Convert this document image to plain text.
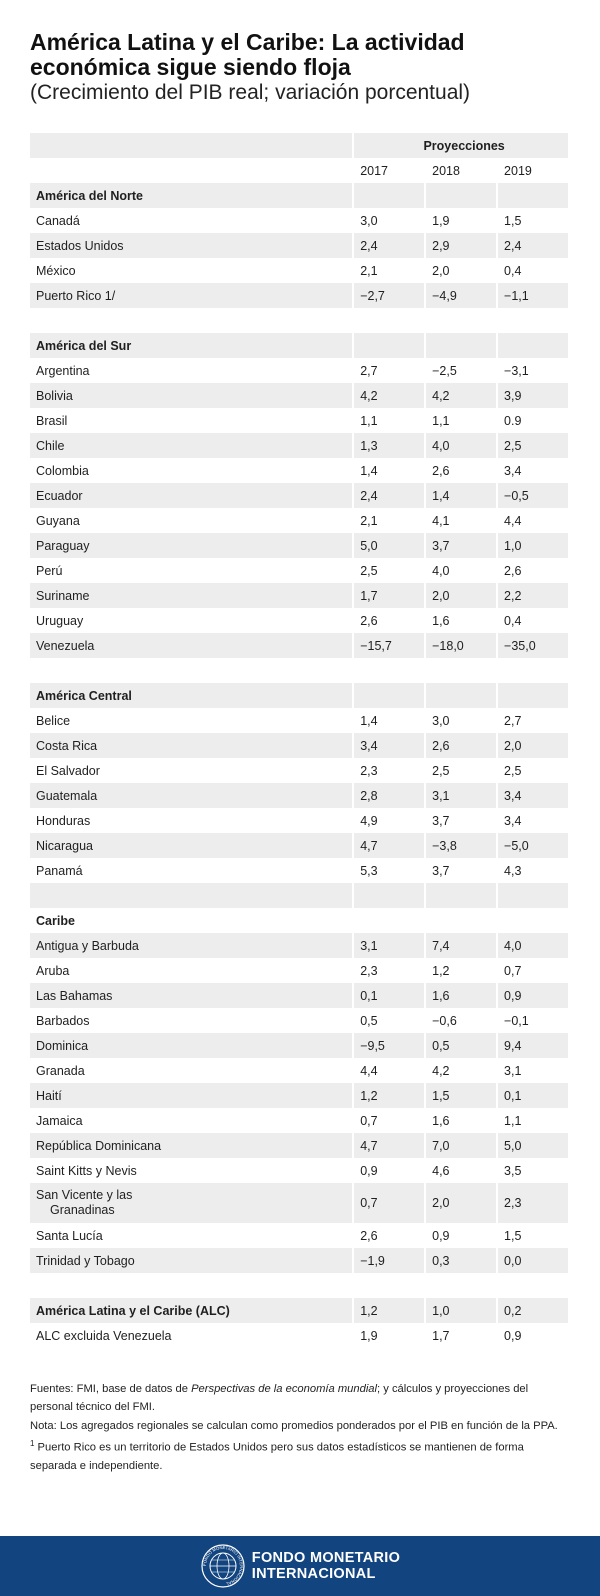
América Latina y el Caribe: La actividad

económica sigue siendo floja

(Crecimiento del PIB real; variación porcentual)

	Proyecciones		
	2017	2018	2019
América del Norte			
Canadá	3,0	1,9	1,5
Estados Unidos	2,4	2,9	2,4
México	2,1	2,0	0,4
Puerto Rico 1/	−2,7	−4,9	−1,1

América del Sur			
Argentina	2,7	−2,5	−3,1
Bolivia	4,2	4,2	3,9
Brasil	1,1	1,1	0.9
Chile	1,3	4,0	2,5
Colombia	1,4	2,6	3,4
Ecuador	2,4	1,4	−0,5
Guyana	2,1	4,1	4,4
Paraguay	5,0	3,7	1,0
Perú	2,5	4,0	2,6
Suriname	1,7	2,0	2,2
Uruguay	2,6	1,6	0,4
Venezuela	−15,7	−18,0	−35,0

América Central			
Belice	1,4	3,0	2,7
Costa Rica	3,4	2,6	2,0
El Salvador	2,3	2,5	2,5
Guatemala	2,8	3,1	3,4
Honduras	4,9	3,7	3,4
Nicaragua	4,7	−3,8	−5,0
Panamá	5,3	3,7	4,3

Caribe			
Antigua y Barbuda	3,1	7,4	4,0
Aruba	2,3	1,2	0,7
Las Bahamas	0,1	1,6	0,9
Barbados	0,5	−0,6	−0,1
Dominica	−9,5	0,5	9,4
Granada	4,4	4,2	3,1
Haití	1,2	1,5	0,1
Jamaica	0,7	1,6	1,1
República Dominicana	4,7	7,0	5,0
Saint Kitts y Nevis	0,9	4,6	3,5

San Vicente y las
Granadinas	0,7	2,0	2,3
Santa Lucía	2,6	0,9	1,5
Trinidad y Tobago	−1,9	0,3	0,0

América Latina y el Caribe (ALC)	1,2	1,0	0,2
ALC excluida Venezuela	1,9	1,7	0,9

Fuentes: FMI, base de datos de Perspectivas de la economía mundial; y cálculos y proyecciones del personal técnico del FMI.

Nota: Los agregados regionales se calculan como promedios ponderados por el PIB en función de la PPA.

$^1$ Puerto Rico es un territorio de Estados Unidos pero sus datos estadísticos se mantienen de forma separada e independiente.

FONDO MONETARIO INTERNACIONAL
FONDO MONETARIO
INTERNACIONAL
